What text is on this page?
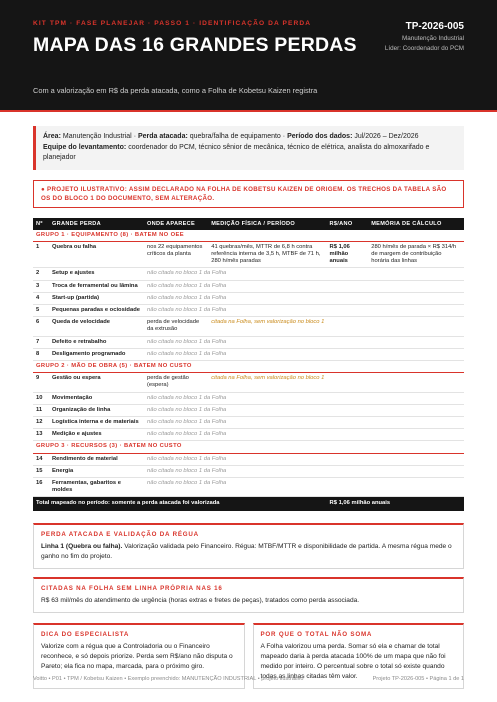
KIT TPM · FASE PLANEJAR · PASSO 1 · IDENTIFICAÇÃO DA PERDA
MAPA DAS 16 GRANDES PERDAS
TP-2026-005
Manutenção Industrial
Líder: Coordenador do PCM
Com a valorização em R$ da perda atacada, como a Folha de Kobetsu Kaizen registra
Área: Manutenção Industrial · Perda atacada: quebra/falha de equipamento · Período dos dados: Jul/2026 – Dez/2026
Equipe do levantamento: coordenador do PCM, técnico sênior de mecânica, técnico de elétrica, analista do almoxarifado e planejador
● PROJETO ILUSTRATIVO: ASSIM DECLARADO NA FOLHA DE KOBETSU KAIZEN DE ORIGEM. OS TRECHOS DA TABELA SÃO OS DO BLOCO 1 DO DOCUMENTO, SEM ALTERAÇÃO.
Nº	GRANDE PERDA	ONDE APARECE	MEDIÇÃO FÍSICA / PERÍODO	R$/ANO	MEMÓRIA DE CÁLCULO
GRUPO 1 · EQUIPAMENTO (8) · BATEM NO OEE					
1	Quebra ou falha	nos 22 equipamentos críticos da planta	41 quebras/mês, MTTR de 6,8 h contra referência interna de 3,5 h, MTBF de 71 h, 280 h/mês paradas	R$ 1,06 milhão anuais	280 h/mês de parada × R$ 314/h de margem de contribuição horária das linhas
2	Setup e ajustes	não citada no bloco 1 da Folha			
3	Troca de ferramental ou lâmina	não citada no bloco 1 da Folha			
4	Start-up (partida)	não citada no bloco 1 da Folha			
5	Pequenas paradas e ociosidade	não citada no bloco 1 da Folha			
6	Queda de velocidade	perda de velocidade da extrusão	citada na Folha, sem valorização no bloco 1		
7	Defeito e retrabalho	não citada no bloco 1 da Folha			
8	Desligamento programado	não citada no bloco 1 da Folha			
GRUPO 2 · MÃO DE OBRA (5) · BATEM NO CUSTO					
9	Gestão ou espera	perda de gestão (espera)	citada na Folha, sem valorização no bloco 1		
10	Movimentação	não citada no bloco 1 da Folha			
11	Organização de linha	não citada no bloco 1 da Folha			
12	Logística interna e de materiais	não citada no bloco 1 da Folha			
13	Medição e ajustes	não citada no bloco 1 da Folha			
GRUPO 3 · RECURSOS (3) · BATEM NO CUSTO					
14	Rendimento de material	não citada no bloco 1 da Folha			
15	Energia	não citada no bloco 1 da Folha			
16	Ferramentas, gabaritos e moldes	não citada no bloco 1 da Folha			
Total mapeado no período: somente a perda atacada foi valorizada				R$ 1,06 milhão anuais	
PERDA ATACADA E VALIDAÇÃO DA RÉGUA
Linha 1 (Quebra ou falha). Valorização validada pelo Financeiro. Régua: MTBF/MTTR e disponibilidade de partida. A mesma régua mede o ganho no fim do projeto.
CITADAS NA FOLHA SEM LINHA PRÓPRIA NAS 16
R$ 63 mil/mês do atendimento de urgência (horas extras e fretes de peças), tratados como perda associada.
DICA DO ESPECIALISTA
Valorize com a régua que a Controladoria ou o Financeiro reconhece, e só depois priorize. Perda sem R$/ano não disputa o Pareto; ela fica no mapa, marcada, para o próximo giro.
POR QUE O TOTAL NÃO SOMA
A Folha valorizou uma perda. Somar só ela e chamar de total mapeado daria à perda atacada 100% de um mapa que não foi medido por inteiro. O percentual sobre o total só existe quando todas as linhas citadas têm valor.
Voitto • P01 • TPM / Kobetsu Kaizen • Exemplo preenchido: MANUTENÇÃO INDUSTRIAL • projeto ilustrativo	Projeto TP-2026-005 • Página 1 de 1
